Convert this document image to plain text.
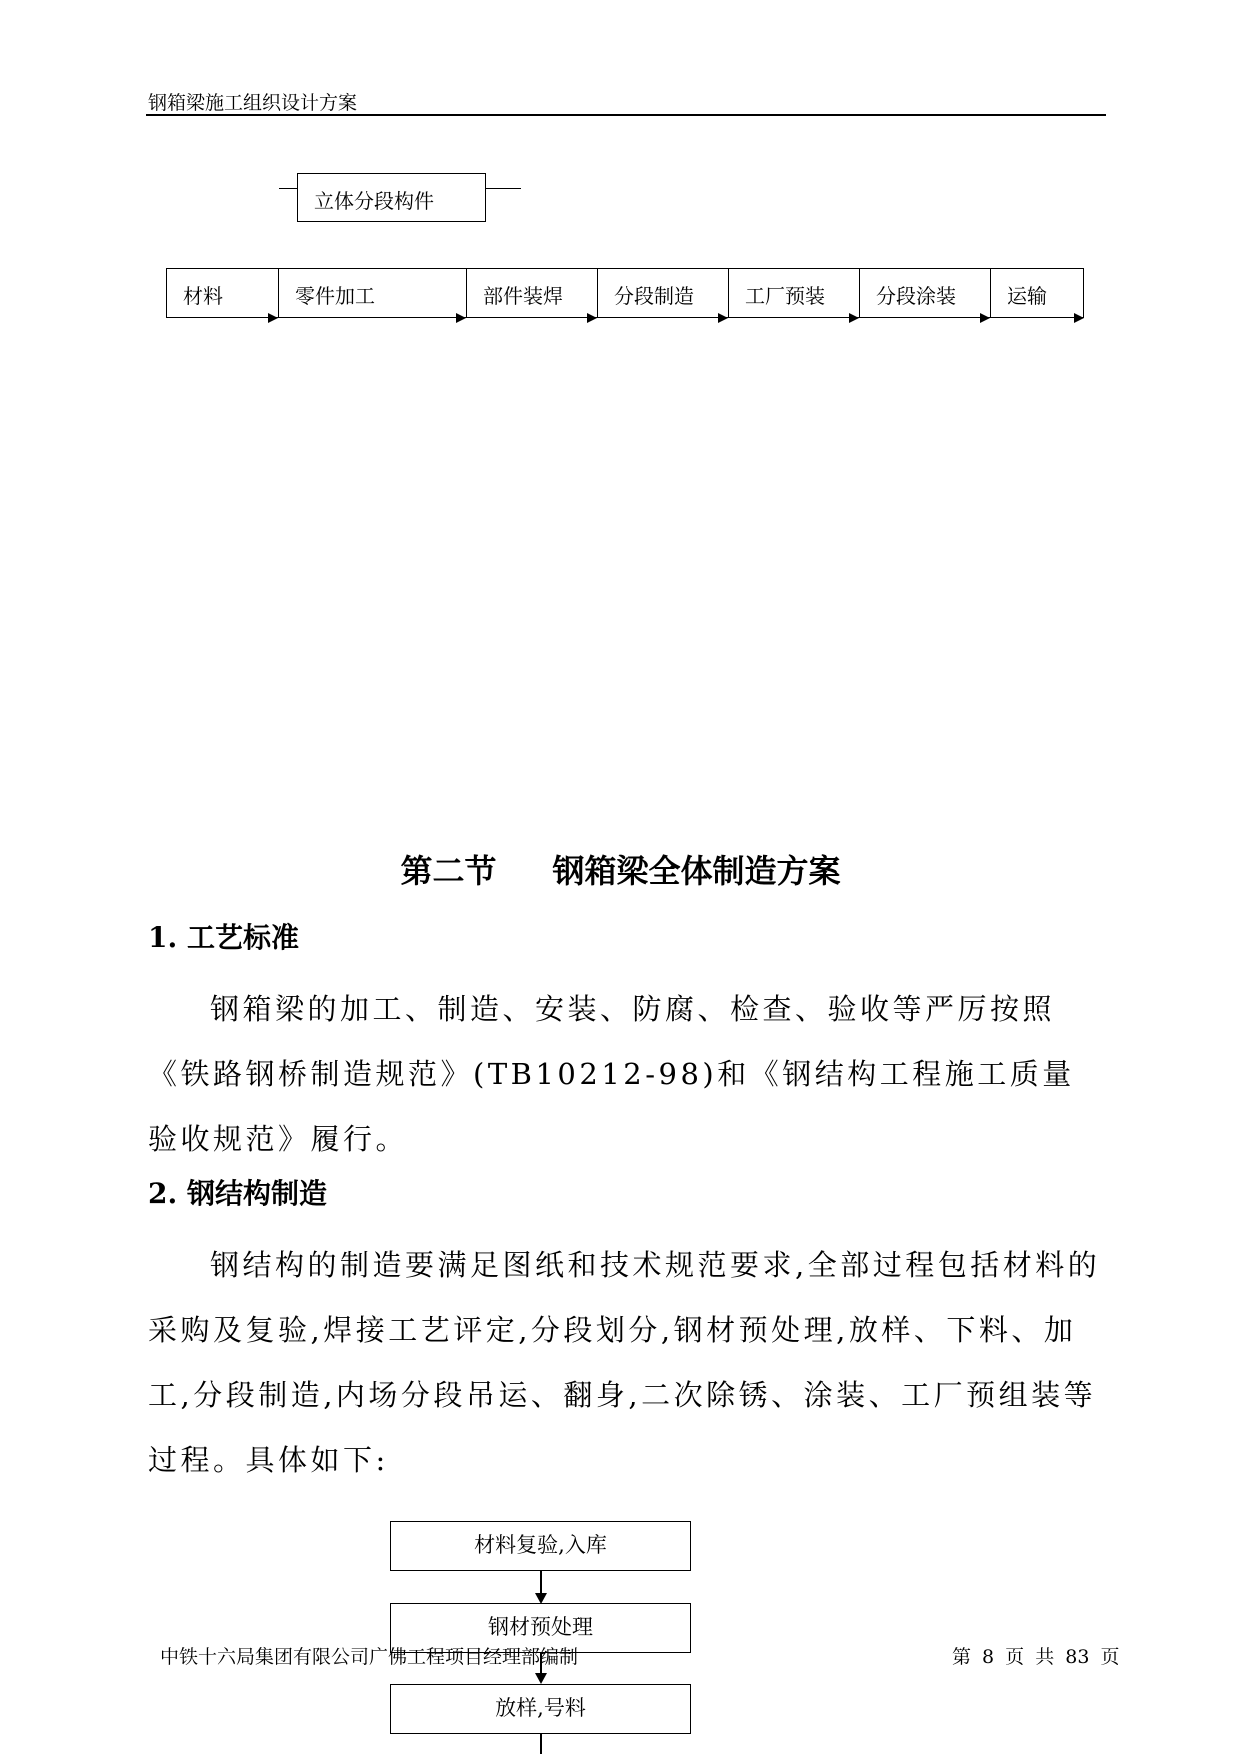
钢箱梁施工组织设计方案
立体分段构件
材料	零件加工	部件装焊	分段制造	工厂预装	分段涂装	运输
第二节 钢箱梁全体制造方案
1. 工艺标准
钢箱梁的加工、制造、安装、防腐、检查、验收等严厉按照《铁路钢桥制造规范》(TB10212-98)和《钢结构工程施工质量验收规范》履行。
2. 钢结构制造
钢结构的制造要满足图纸和技术规范要求,全部过程包括材料的采购及复验,焊接工艺评定,分段划分,钢材预处理,放样、下料、加工,分段制造,内场分段吊运、翻身,二次除锈、涂装、工厂预组装等过程。具体如下:
材料复验,入库
钢材预处理
放样,号料
中铁十六局集团有限公司广佛工程项目经理部编制	第 8 页 共 83 页
